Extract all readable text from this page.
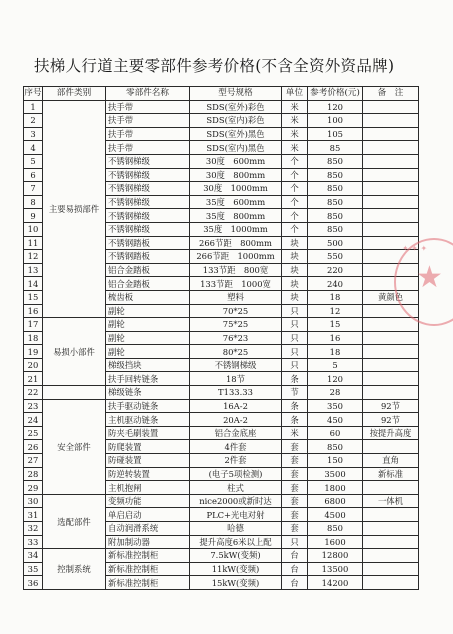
扶梯人行道主要零部件参考价格(不含全资外资品牌)
序号	部件类别	零部件名称	型号规格	单位	参考价格(元)	备　注
1	主要易损部件	扶手带	SDS(室外)彩色	米	120	
2		扶手带	SDS(室内)彩色	米	100	
3		扶手带	SDS(室外)黑色	米	105	
4		扶手带	SDS(室内)黑色	米	85	
5		不锈钢梯级	30度　600mm	个	850	
6		不锈钢梯级	30度　800mm	个	850	
7		不锈钢梯级	30度　1000mm	个	850	
8		不锈钢梯级	35度　600mm	个	850	
9		不锈钢梯级	35度　800mm	个	850	
10		不锈钢梯级	35度　1000mm	个	850	
11		不锈钢踏板	266节距　800mm	块	500	
12		不锈钢踏板	266节距　1000mm	块	550	
13		铝合金踏板	133节距　800宽	块	220	
14		铝合金踏板	133节距　1000宽	块	240	
15		梳齿板	塑料	块	18	黄颜色
16		副轮	70*25	只	12	
17	易损小部件	副轮	75*25	只	15	
18		副轮	76*23	只	16	
19		副轮	80*25	只	18	
20		梯级挡块	不锈钢梯级	只	5	
21		扶手回转链条	18节	条	120	
22		梯级链条	T133.33	节	28	
23	安全部件	扶手驱动链条	16A-2	条	350	92节
24		主机驱动链条	20A-2	条	450	92节
25		防夹毛刷装置	铝合金底座	米	60	按提升高度
26		防爬装置	4件套	套	850	
27		防碰装置	2件套	套	150	直角
28		防逆转装置	(电子5项检测)	套	3500	新标准
29		主机抱闸	柱式	套	1800	
30	选配部件	变频功能	nice2000或新时达	套	6800	一体机
31		单启启动	PLC+光电对射	套	4500	
32		自动润滑系统	哈德	套	850	
33		附加制动器	提升高度6米以上配	只	1600	
34	控制系统	新标准控制柜	7.5kW(变频)	台	12800	
35		新标准控制柜	11kW(变频)	台	13500	
36		新标准控制柜	15kW(变频)	台	14200	
✦ ✦ ✦
★
